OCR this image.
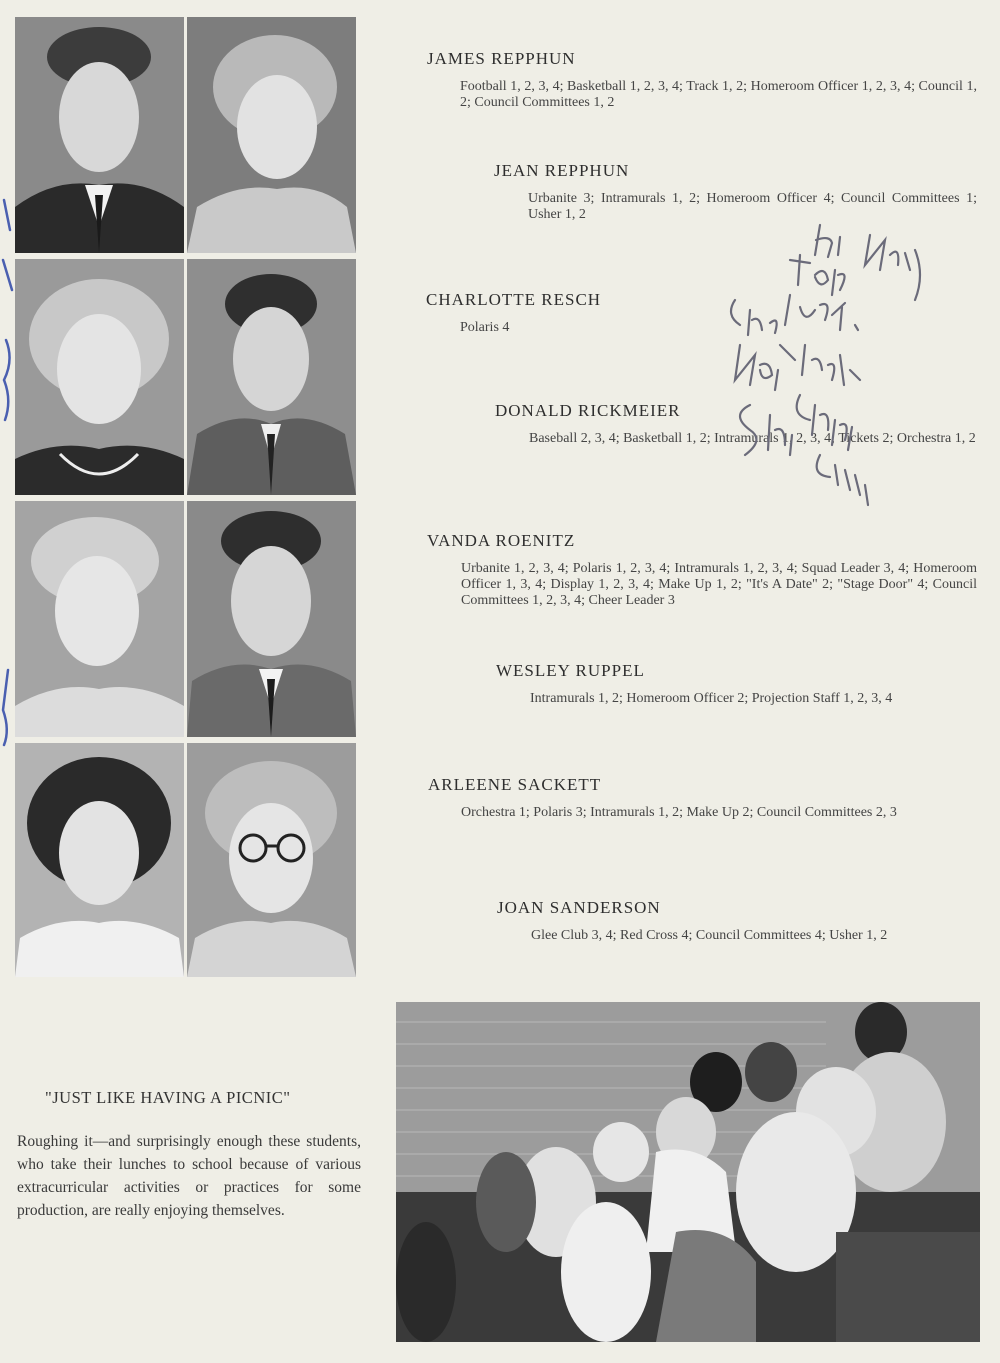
JAMES REPPHUN

Football 1, 2, 3, 4; Basketball 1, 2, 3, 4; Track 1, 2; Homeroom Officer 1, 2, 3, 4; Council 1, 2; Council Committees 1, 2

JEAN REPPHUN

Urbanite 3; Intramurals 1, 2; Homeroom Officer 4; Council Committees 1; Usher 1, 2

CHARLOTTE RESCH

Polaris 4

DONALD RICKMEIER

Baseball 2, 3, 4; Basketball 1, 2; Intramurals 1, 2, 3, 4; Tickets 2; Orchestra 1, 2

VANDA ROENITZ

Urbanite 1, 2, 3, 4; Polaris 1, 2, 3, 4; Intramurals 1, 2, 3, 4; Squad Leader 3, 4; Homeroom Officer 1, 3, 4; Display 1, 2, 3, 4; Make Up 1, 2; "It's A Date" 2; "Stage Door" 4; Council Committees 1, 2, 3, 4; Cheer Leader 3

WESLEY RUPPEL

Intramurals 1, 2; Homeroom Officer 2; Projection Staff 1, 2, 3, 4

ARLEENE SACKETT

Orchestra 1; Polaris 3; Intramurals 1, 2; Make Up 2; Council Committees 2, 3

JOAN SANDERSON

Glee Club 3, 4; Red Cross 4; Council Committees 4; Usher 1, 2
"JUST LIKE HAVING A PICNIC"
Roughing it—and surprisingly enough these students, who take their lunches to school because of various extracurricular activities or practices for some production, are really enjoying themselves.
